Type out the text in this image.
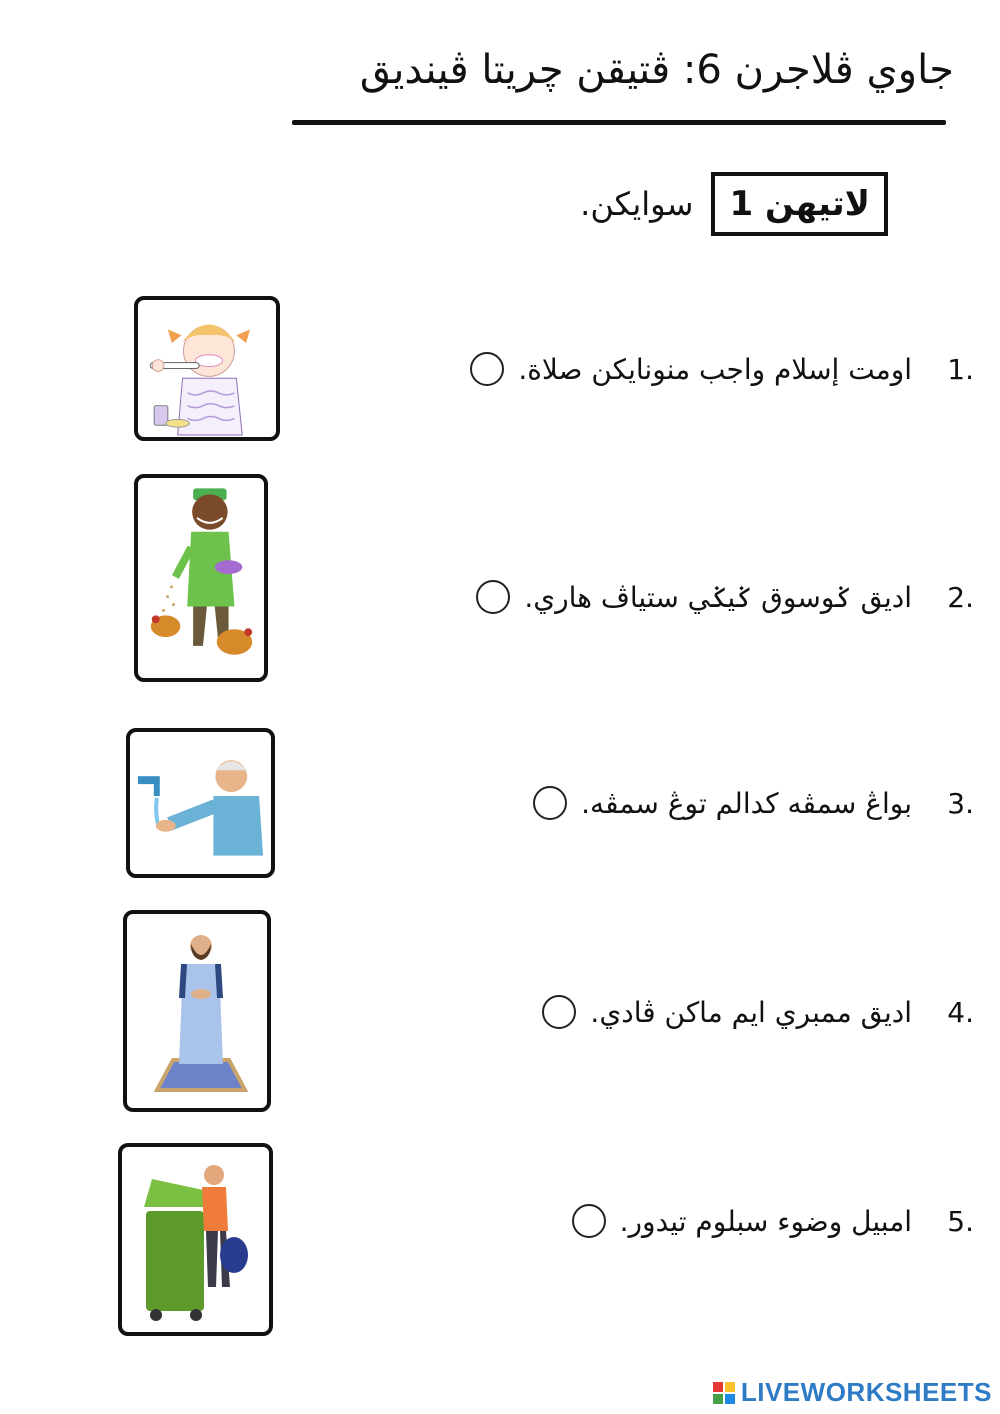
جاوي ڤلاجرن 6: ڤتيقن چريتا ڤينديق
لاتيهن 1
سوايكن.
اومت إسلام واجب منونايكن صلاة.	1.
اديق ݢوسوق ݢيݢي ستياڤ هاري.	2.
بواڠ سمڤه كدالم توڠ سمڤه.	3.
اديق ممبري ايم ماكن ڤادي.	4.
امبيل وضوء سبلوم تيدور.	5.
LIVEWORKSHEETS
